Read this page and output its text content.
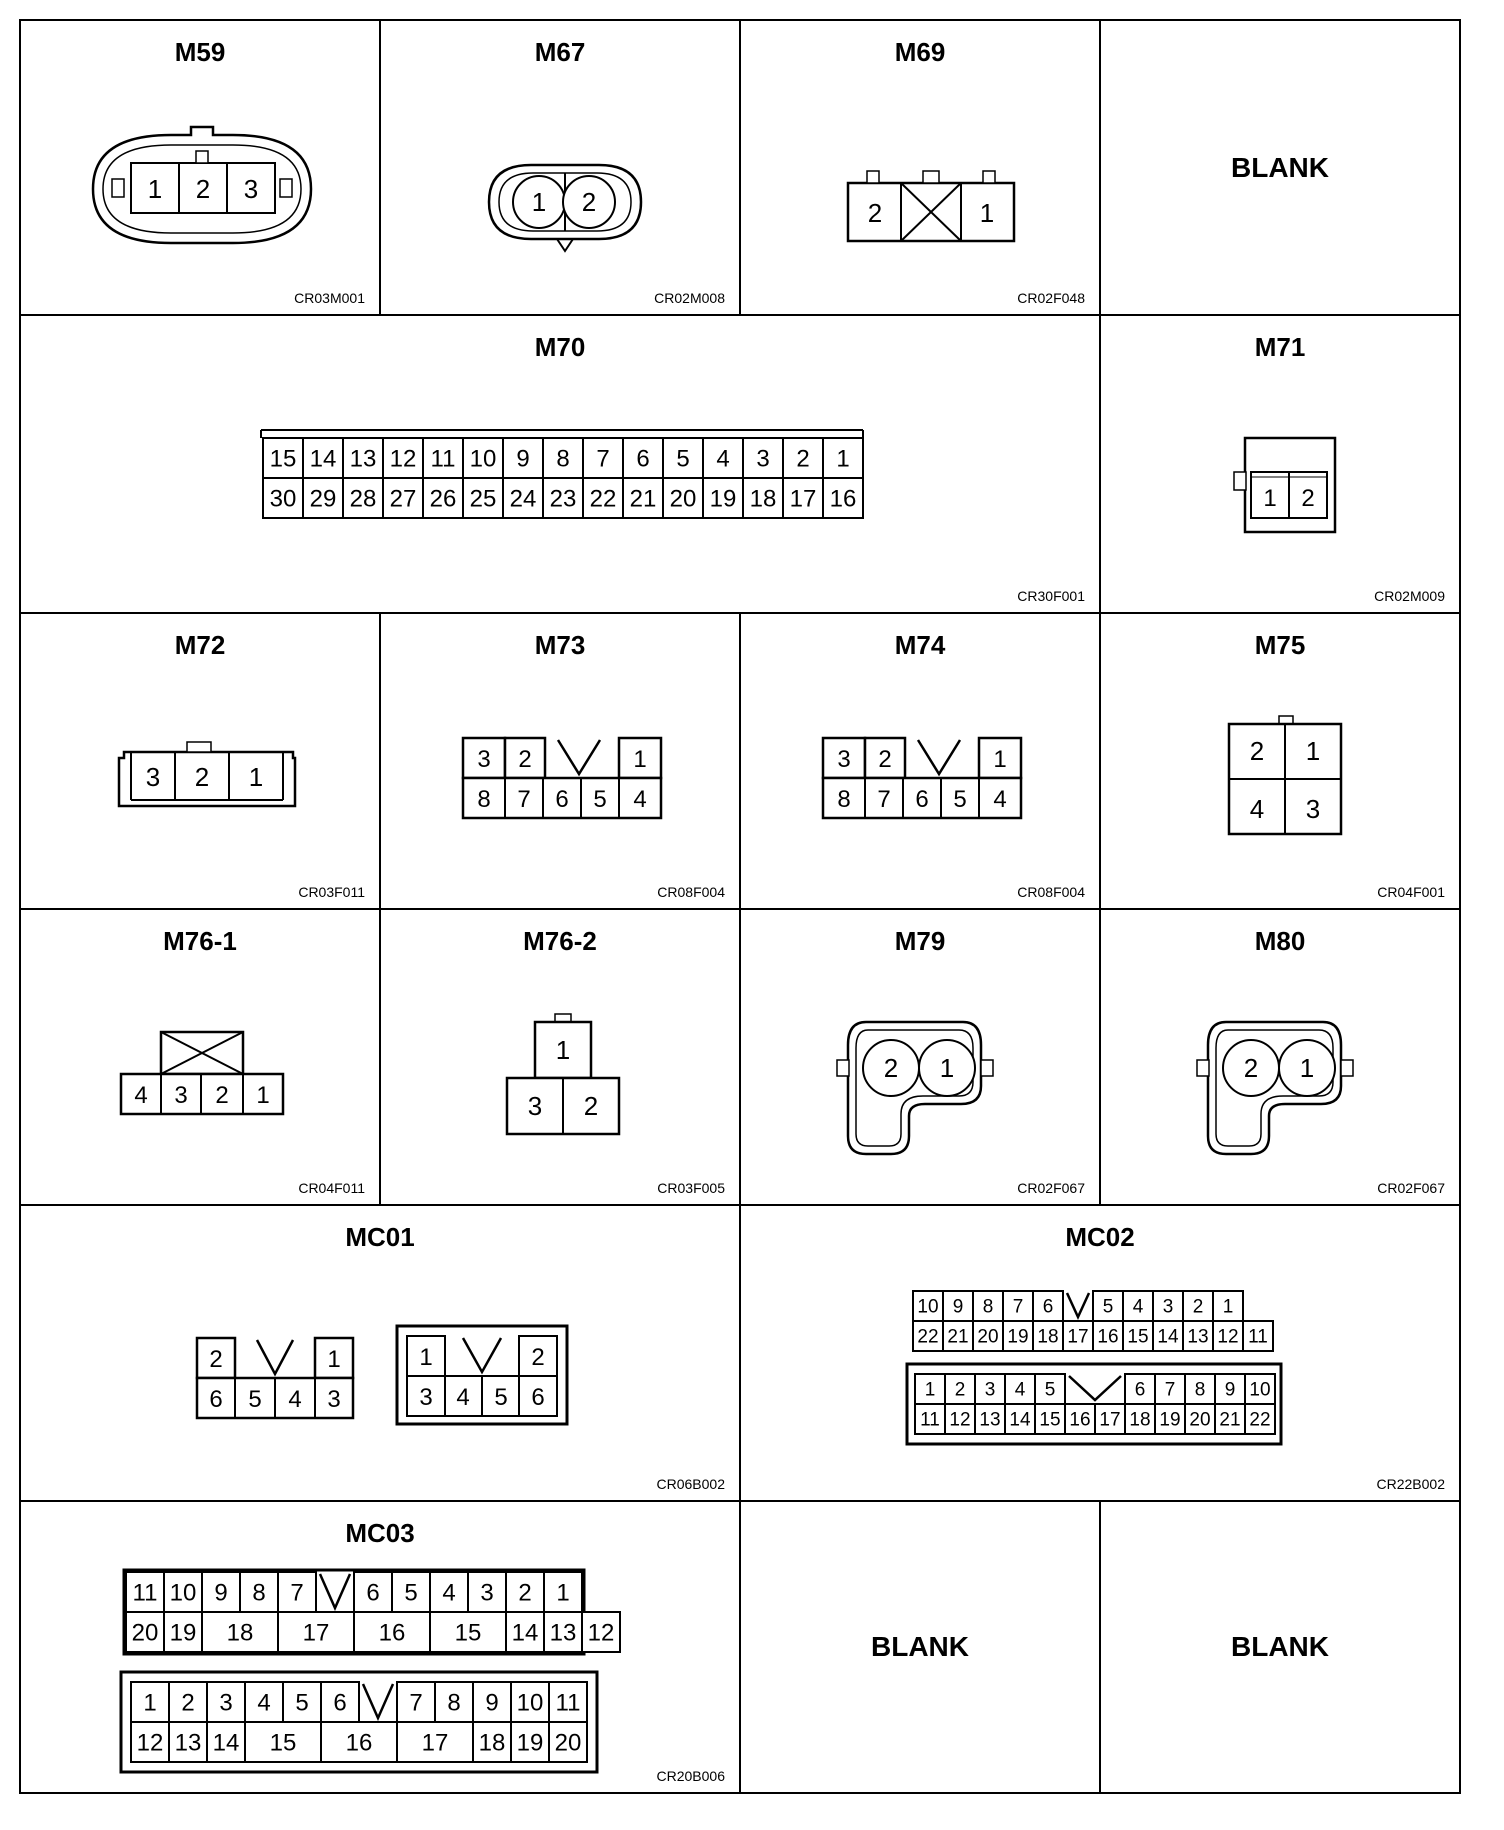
M59
1 2 3
CR03M001
M67
1 2
CR02M008
M69
2	1
CR02F048
BLANK
M70
15 14 13 12 11 10 9 8 7 6 5 4 3 2 1
30 29 28 27 26 25 24 23 22 21 20 19 18 17 16
CR30F001
M71
1 2
CR02M009
M72
3 2 1
CR03F011
M73
3 2	1
8 7 6 5 4
CR08F004
M74
3 2	1
8 7 6 5 4
CR08F004
M75
2 1
4 3
CR04F001
M76-1
4 3 2 1
CR04F011
M76-2
1
3 2
CR03F005
M79
2 1
CR02F067
M80
2 1
CR02F067
MC01
2	1
6 5 4 3
1	2
3 4 5 6
CR06B002
MC02
10 9 8 7 6	5 4 3 2 1
22 21 20 19 18 17 16 15 14 13 12 11
1 2 3 4 5	6 7 8 9 10
11 12 13 14 15 16 17 18 19 20 21 22
CR22B002
MC03
11 10 9 8 7	6 5 4 3 2 1
20 19 18 17 16 15 14 13 12
1 2 3 4 5 6	7 8 9 10 11
12 13 14 15 16 17 18 19 20
CR20B006
BLANK	BLANK
